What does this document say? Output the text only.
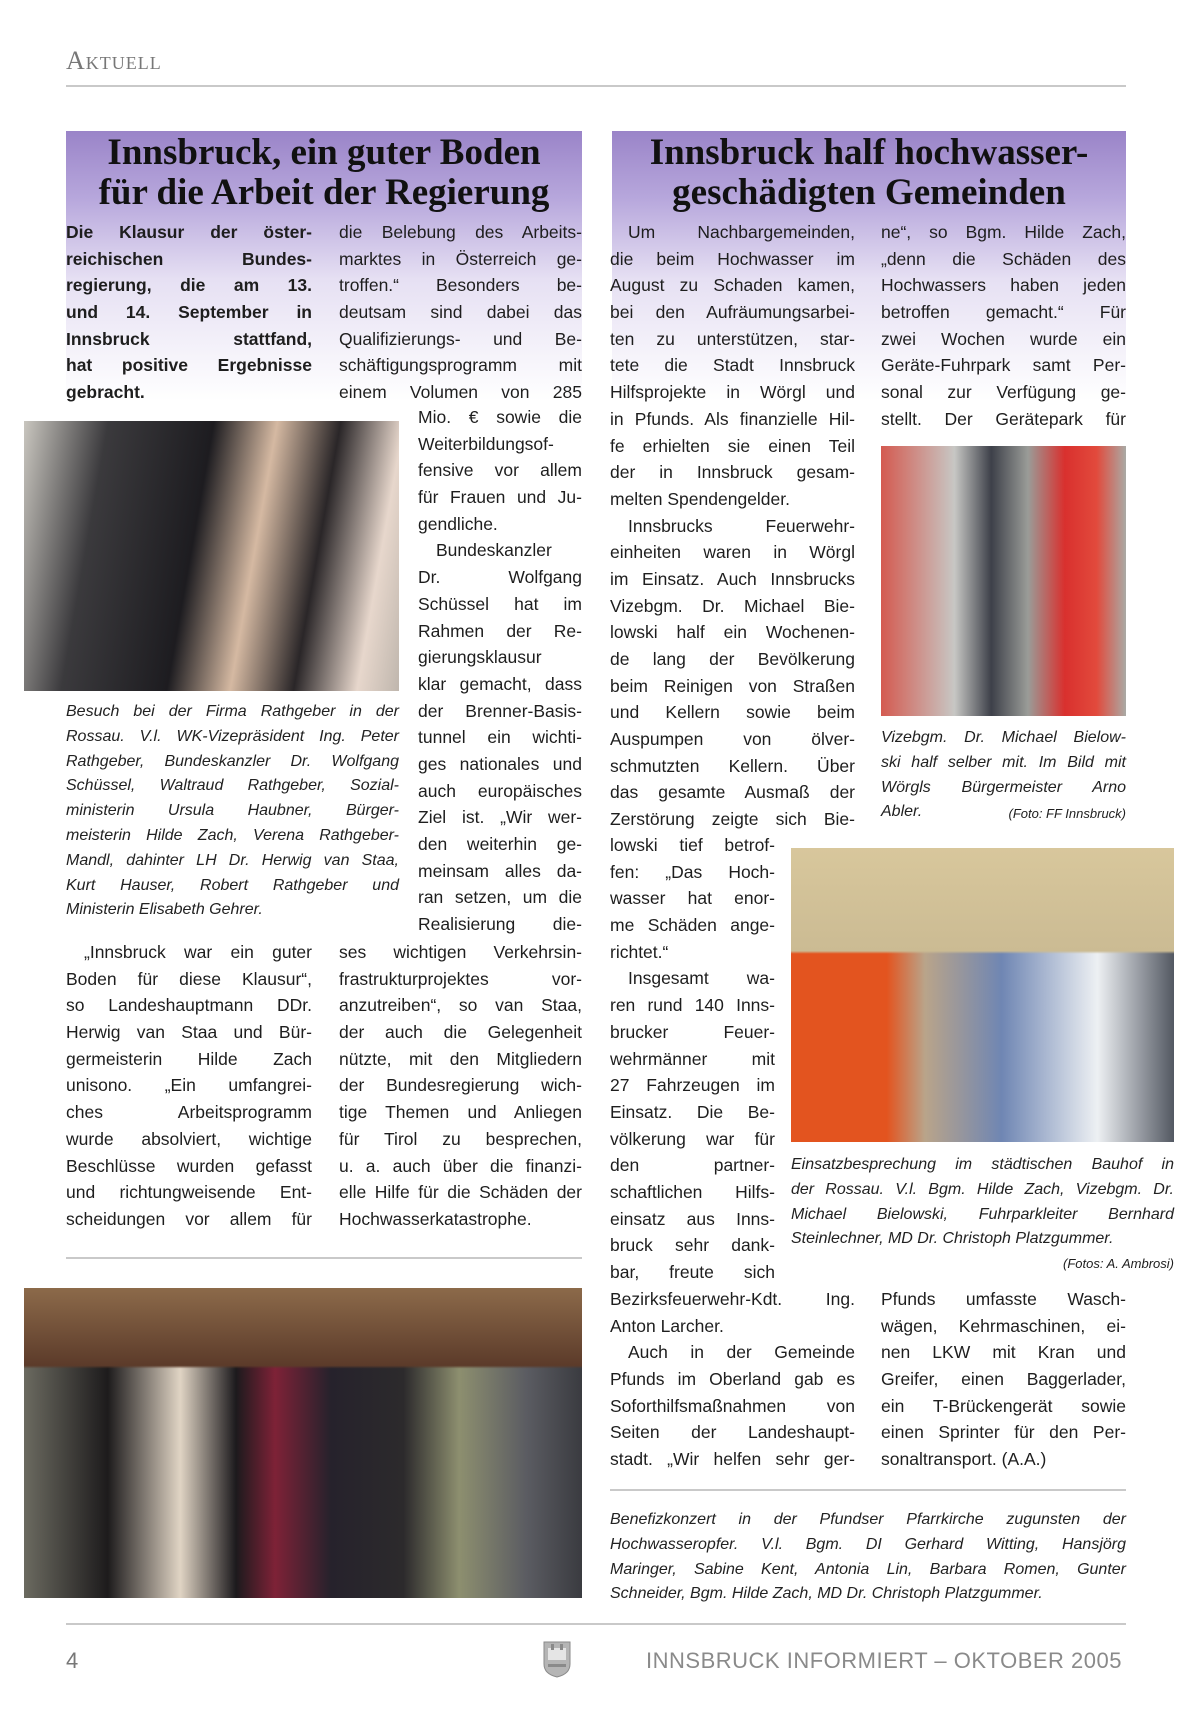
Aktuell
Innsbruck, ein guter Boden
für die Arbeit der Regierung
Die Klausur der öster-
reichischen Bundes-
regierung, die am 13.
und 14. September in
Innsbruck stattfand,
hat positive Ergebnisse
gebracht.
die Belebung des Arbeits-
marktes in Österreich ge-
troffen.“ Besonders be-
deutsam sind dabei das
Qualifizierungs- und Be-
schäftigungsprogramm mit
einem Volumen von 285
Mio. € sowie die
Weiterbildungsof-
fensive vor allem
für Frauen und Ju-
gendliche.
Bundeskanzler
Dr. Wolfgang
Schüssel hat im
Rahmen der Re-
gierungsklausur
klar gemacht, dass
der Brenner-Basis-
tunnel ein wichti-
ges nationales und
auch europäisches
Ziel ist. „Wir wer-
den weiterhin ge-
meinsam alles da-
ran setzen, um die
Realisierung die-
Besuch bei der Firma Rathgeber in der
Rossau. V.l. WK-Vizepräsident Ing. Peter
Rathgeber, Bundeskanzler Dr. Wolfgang
Schüssel, Waltraud Rathgeber, Sozial-
ministerin Ursula Haubner, Bürger-
meisterin Hilde Zach, Verena Rathgeber-
Mandl, dahinter LH Dr. Herwig van Staa,
Kurt Hauser, Robert Rathgeber und
Ministerin Elisabeth Gehrer.
„Innsbruck war ein guter
Boden für diese Klausur“,
so Landeshauptmann DDr.
Herwig van Staa und Bür-
germeisterin Hilde Zach
unisono. „Ein umfangrei-
ches Arbeitsprogramm
wurde absolviert, wichtige
Beschlüsse wurden gefasst
und richtungweisende Ent-
scheidungen vor allem für
ses wichtigen Verkehrsin-
frastrukturprojektes vor-
anzutreiben“, so van Staa,
der auch die Gelegenheit
nützte, mit den Mitgliedern
der Bundesregierung wich-
tige Themen und Anliegen
für Tirol zu besprechen,
u. a. auch über die finanzi-
elle Hilfe für die Schäden der
Hochwasserkatastrophe.
Innsbruck half hochwasser-
geschädigten Gemeinden
Um Nachbargemeinden,
die beim Hochwasser im
August zu Schaden kamen,
bei den Aufräumungsarbei-
ten zu unterstützen, star-
tete die Stadt Innsbruck
Hilfsprojekte in Wörgl und
in Pfunds. Als finanzielle Hil-
fe erhielten sie einen Teil
der in Innsbruck gesam-
melten Spendengelder.
Innsbrucks Feuerwehr-
einheiten waren in Wörgl
im Einsatz. Auch Innsbrucks
Vizebgm. Dr. Michael Bie-
lowski half ein Wochenen-
de lang der Bevölkerung
beim Reinigen von Straßen
und Kellern sowie beim
Auspumpen von ölver-
schmutzten Kellern. Über
das gesamte Ausmaß der
Zerstörung zeigte sich Bie-
lowski tief betrof-
fen: „Das Hoch-
wasser hat enor-
me Schäden ange-
richtet.“
Insgesamt wa-
ren rund 140 Inns-
brucker Feuer-
wehrmänner mit
27 Fahrzeugen im
Einsatz. Die Be-
völkerung war für
den partner-
schaftlichen Hilfs-
einsatz aus Inns-
bruck sehr dank-
bar, freute sich
Bezirksfeuerwehr-Kdt. Ing.
Anton Larcher.
Auch in der Gemeinde
Pfunds im Oberland gab es
Soforthilfsmaßnahmen von
Seiten der Landeshaupt-
stadt. „Wir helfen sehr ger-
ne“, so Bgm. Hilde Zach,
„denn die Schäden des
Hochwassers haben jeden
betroffen gemacht.“ Für
zwei Wochen wurde ein
Geräte-Fuhrpark samt Per-
sonal zur Verfügung ge-
stellt. Der Gerätepark für
Vizebgm. Dr. Michael Bielow-
ski half selber mit. Im Bild mit
Wörgls Bürgermeister Arno
Abler.	(Foto: FF Innsbruck)
Einsatzbesprechung im städtischen Bauhof in
der Rossau. V.l. Bgm. Hilde Zach, Vizebgm. Dr.
Michael Bielowski, Fuhrparkleiter Bernhard
Steinlechner, MD Dr. Christoph Platzgummer.
(Fotos: A. Ambrosi)
Pfunds umfasste Wasch-
wägen, Kehrmaschinen, ei-
nen LKW mit Kran und
Greifer, einen Baggerlader,
ein T-Brückengerät sowie
einen Sprinter für den Per-
sonaltransport. (A.A.)
Benefizkonzert in der Pfundser Pfarrkirche zugunsten der
Hochwasseropfer. V.l. Bgm. DI Gerhard Witting, Hansjörg
Maringer, Sabine Kent, Antonia Lin, Barbara Romen, Gunter
Schneider, Bgm. Hilde Zach, MD Dr. Christoph Platzgummer.
4	INNSBRUCK INFORMIERT – OKTOBER 2005
